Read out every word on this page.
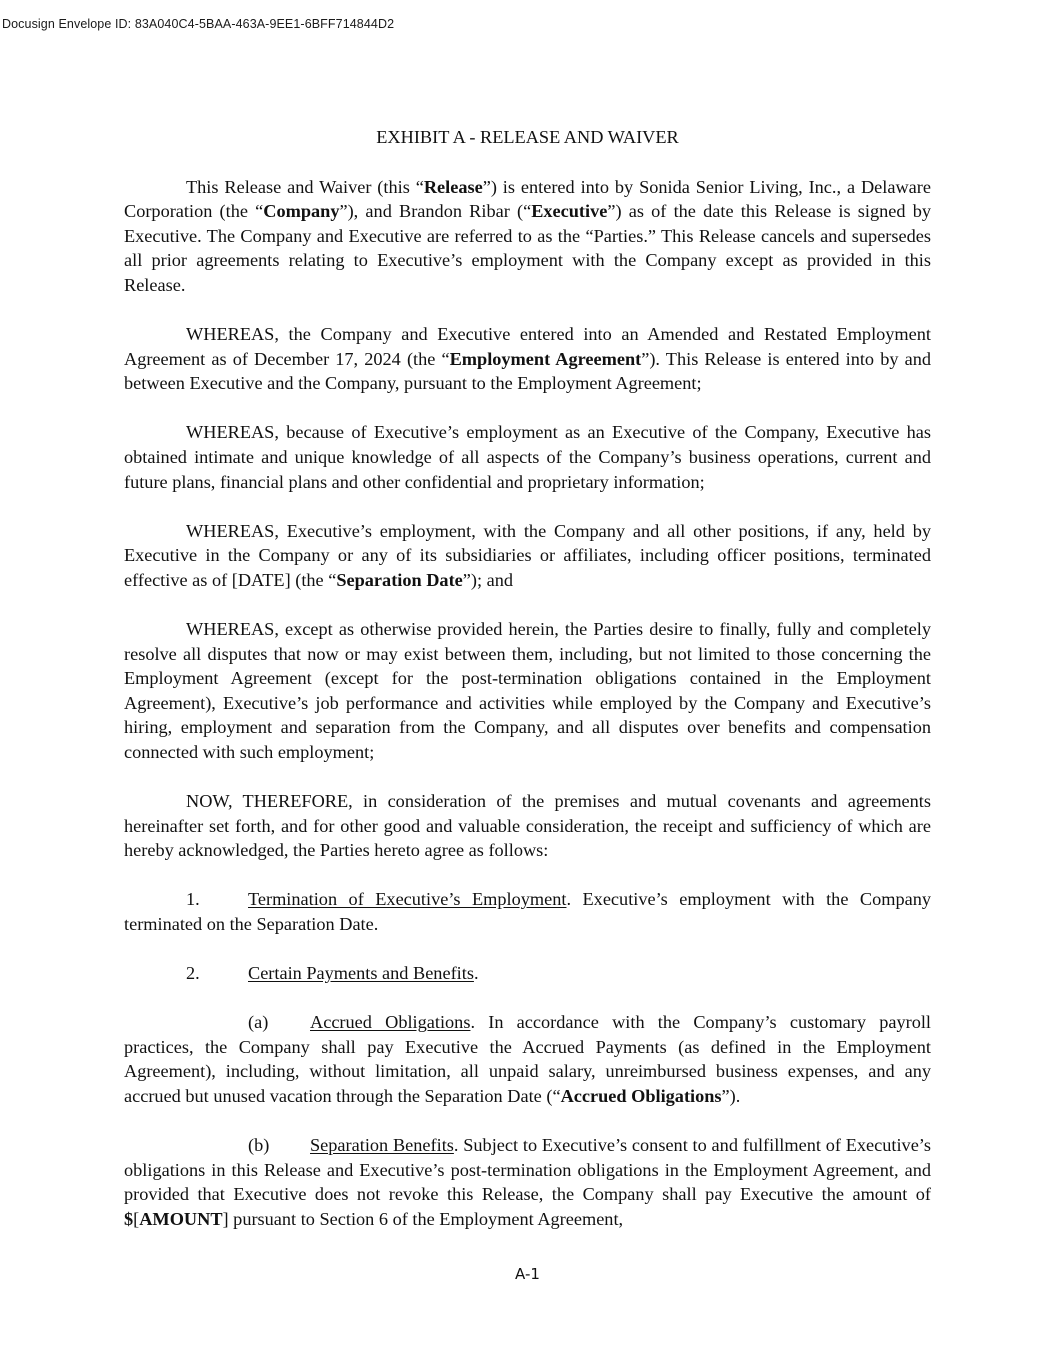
Docusign Envelope ID: 83A040C4-5BAA-463A-9EE1-6BFF714844D2
EXHIBIT A - RELEASE AND WAIVER

This Release and Waiver (this “Release”) is entered into by Sonida Senior Living, Inc., a Delaware Corporation (the “Company”), and Brandon Ribar (“Executive”) as of the date this Release is signed by Executive. The Company and Executive are referred to as the “Parties.” This Release cancels and supersedes all prior agreements relating to Executive’s employment with the Company except as provided in this Release.

WHEREAS, the Company and Executive entered into an Amended and Restated Employment Agreement as of December 17, 2024 (the “Employment Agreement”). This Release is entered into by and between Executive and the Company, pursuant to the Employment Agreement;

WHEREAS, because of Executive’s employment as an Executive of the Company, Executive has obtained intimate and unique knowledge of all aspects of the Company’s business operations, current and future plans, financial plans and other confidential and proprietary information;

WHEREAS, Executive’s employment, with the Company and all other positions, if any, held by Executive in the Company or any of its subsidiaries or affiliates, including officer positions, terminated effective as of [DATE] (the “Separation Date”); and

WHEREAS, except as otherwise provided herein, the Parties desire to finally, fully and completely resolve all disputes that now or may exist between them, including, but not limited to those concerning the Employment Agreement (except for the post-termination obligations contained in the Employment Agreement), Executive’s job performance and activities while employed by the Company and Executive’s hiring, employment and separation from the Company, and all disputes over benefits and compensation connected with such employment;

NOW, THEREFORE, in consideration of the premises and mutual covenants and agreements hereinafter set forth, and for other good and valuable consideration, the receipt and sufficiency of which are hereby acknowledged, the Parties hereto agree as follows:

1.	Termination of Executive’s Employment. Executive’s employment with the Company terminated on the Separation Date.

2.	Certain Payments and Benefits.

(a) Accrued Obligations. In accordance with the Company’s customary payroll practices, the Company shall pay Executive the Accrued Payments (as defined in the Employment Agreement), including, without limitation, all unpaid salary, unreimbursed business expenses, and any accrued but unused vacation through the Separation Date (“Accrued Obligations”).

(b) Separation Benefits. Subject to Executive’s consent to and fulfillment of Executive’s obligations in this Release and Executive’s post-termination obligations in the Employment Agreement, and provided that Executive does not revoke this Release, the Company shall pay Executive the amount of $[AMOUNT] pursuant to Section 6 of the Employment Agreement,

A-1
